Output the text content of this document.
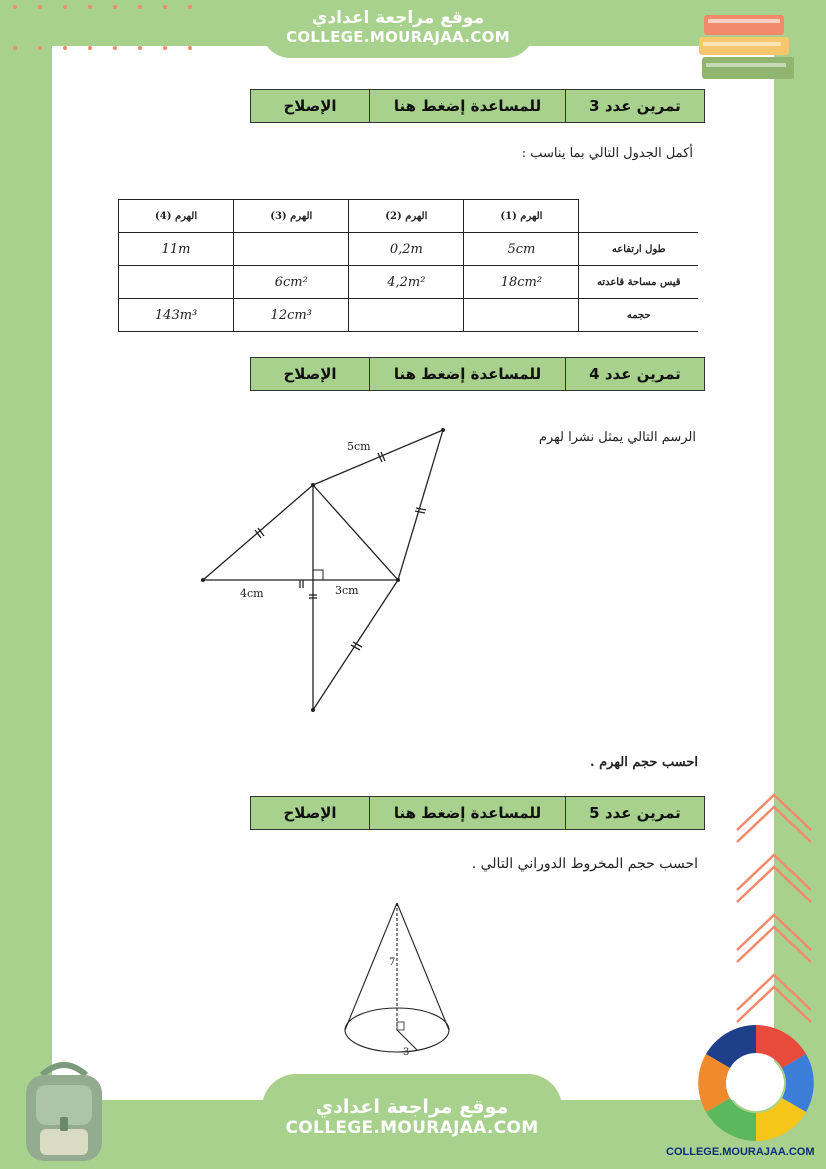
موقع مراجعة اعدادي
COLLEGE.MOURAJAA.COM
الإصلاح	للمساعدة إضغط هنا	تمرين عدد 3
أكمل الجدول التالي بما يناسب :
الهرم (4)	الهرم (3)	الهرم (2)	الهرم (1)	
11m		0,2m	5cm	طول ارتفاعه
	6cm²	4,2m²	18cm²	قيس مساحة قاعدته
143m³	12cm³			حجمه
الإصلاح	للمساعدة إضغط هنا	تمرين عدد 4
الرسم التالي يمثل نشرا لهرم
5cm
4cm	3cm
احسب حجم الهرم .
الإصلاح	للمساعدة إضغط هنا	تمرين عدد 5
احسب حجم المخروط الدوراني التالي .
7
3
COLLEGE.MOURAJAA.COM
موقع مراجعة اعدادي
COLLEGE.MOURAJAA.COM
